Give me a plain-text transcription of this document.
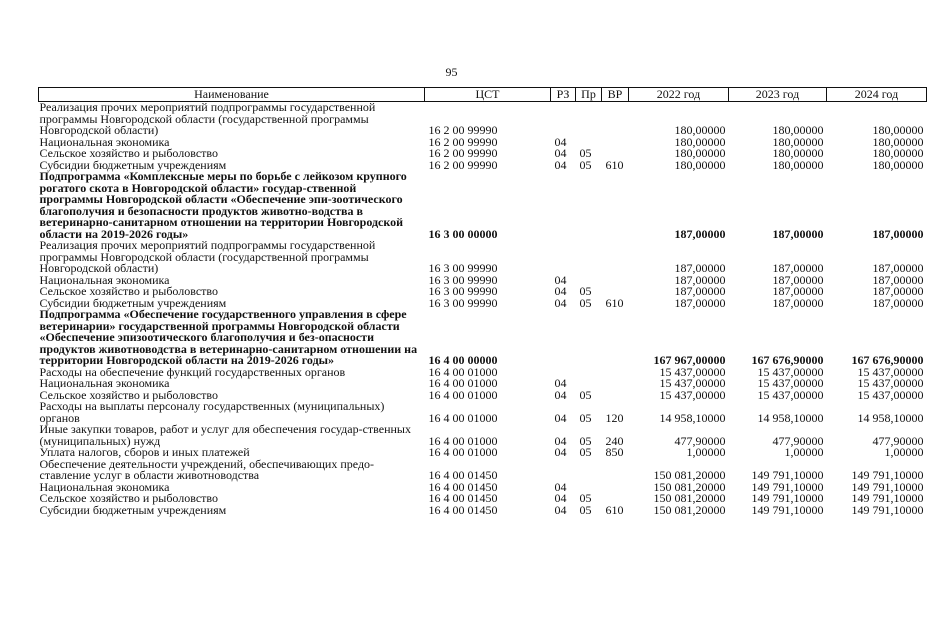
95
Наименование	ЦСТ	РЗ	Пр	ВР	2022 год	2023 год	2024 год
Реализация прочих мероприятий подпрограммы государственной программы Новгородской области (государственной программы Новгородской области)	16 2 00 99990				180,00000	180,00000	180,00000
Национальная экономика	16 2 00 99990	04			180,00000	180,00000	180,00000
Сельское хозяйство и рыболовство	16 2 00 99990	04	05		180,00000	180,00000	180,00000
Субсидии бюджетным учреждениям	16 2 00 99990	04	05	610	180,00000	180,00000	180,00000
Подпрограмма «Комплексные меры по борьбе с лейкозом крупного рогатого скота в Новгородской области» государ-ственной программы Новгородской области «Обеспечение эпи-зоотического благополучия и безопасности продуктов животно-водства в ветеринарно-санитарном отношении на территории Новгородской области на 2019-2026 годы»	16 3 00 00000				187,00000	187,00000	187,00000
Реализация прочих мероприятий подпрограммы государственной программы Новгородской области (государственной программы Новгородской области)	16 3 00 99990				187,00000	187,00000	187,00000
Национальная экономика	16 3 00 99990	04			187,00000	187,00000	187,00000
Сельское хозяйство и рыболовство	16 3 00 99990	04	05		187,00000	187,00000	187,00000
Субсидии бюджетным учреждениям	16 3 00 99990	04	05	610	187,00000	187,00000	187,00000
Подпрограмма «Обеспечение государственного управления в сфере ветеринарии» государственной программы Новгородской области «Обеспечение эпизоотического благополучия и без-опасности продуктов животноводства в ветеринарно-санитарном отношении на территории Новгородской области на 2019-2026 годы»	16 4 00 00000				167 967,00000	167 676,90000	167 676,90000
Расходы на обеспечение функций государственных органов	16 4 00 01000				15 437,00000	15 437,00000	15 437,00000
Национальная экономика	16 4 00 01000	04			15 437,00000	15 437,00000	15 437,00000
Сельское хозяйство и рыболовство	16 4 00 01000	04	05		15 437,00000	15 437,00000	15 437,00000
Расходы на выплаты персоналу государственных (муниципальных) органов	16 4 00 01000	04	05	120	14 958,10000	14 958,10000	14 958,10000
Иные закупки товаров, работ и услуг для обеспечения государ-ственных (муниципальных) нужд	16 4 00 01000	04	05	240	477,90000	477,90000	477,90000
Уплата налогов, сборов и иных платежей	16 4 00 01000	04	05	850	1,00000	1,00000	1,00000
Обеспечение деятельности учреждений, обеспечивающих предо-ставление услуг в области животноводства	16 4 00 01450				150 081,20000	149 791,10000	149 791,10000
Национальная экономика	16 4 00 01450	04			150 081,20000	149 791,10000	149 791,10000
Сельское хозяйство и рыболовство	16 4 00 01450	04	05		150 081,20000	149 791,10000	149 791,10000
Субсидии бюджетным учреждениям	16 4 00 01450	04	05	610	150 081,20000	149 791,10000	149 791,10000
